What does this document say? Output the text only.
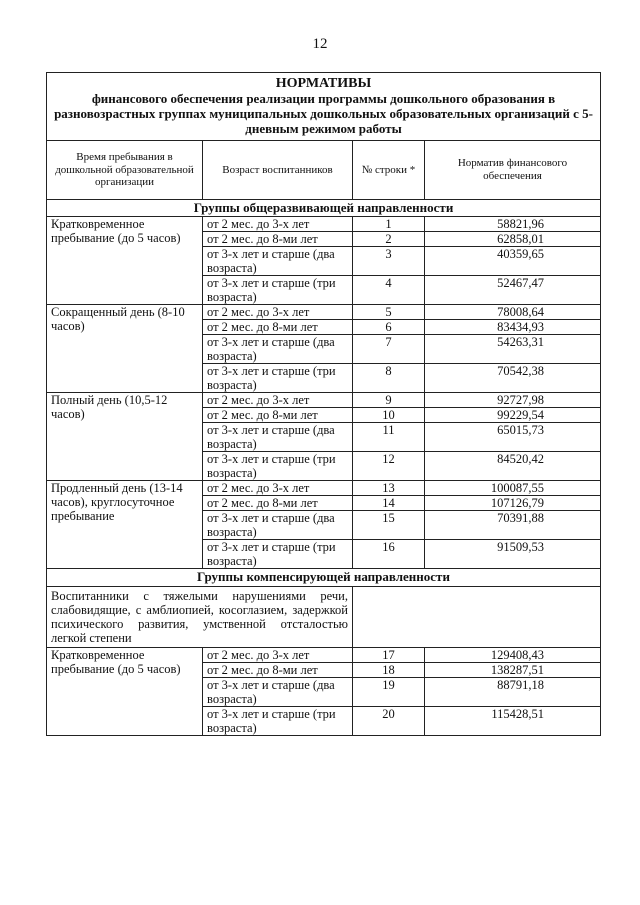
12
НОРМАТИВЫ
финансового обеспечения реализации программы дошкольного образования в разновозрастных группах муниципальных дошкольных образовательных организаций с 5-дневным режимом работы			

Время пребывания в дошкольной образовательной организации	Возраст воспитанников	№ строки *	Норматив финансового обеспечения
Группы общеразвивающей направленности			
Кратковременное пребывание (до 5 часов)	от 2 мес. до 3-х лет	1	58821,96
	от 2 мес. до 8-ми лет	2	62858,01
	от 3-х лет и старше (два возраста)	3	40359,65
	от 3-х лет и старше (три возраста)	4	52467,47
Сокращенный день (8-10 часов)	от 2 мес. до 3-х лет	5	78008,64
	от 2 мес. до 8-ми лет	6	83434,93
	от 3-х лет и старше (два возраста)	7	54263,31
	от 3-х лет и старше (три возраста)	8	70542,38
Полный день (10,5-12 часов)	от 2 мес. до 3-х лет	9	92727,98
	от 2 мес. до 8-ми лет	10	99229,54
	от 3-х лет и старше (два возраста)	11	65015,73
	от 3-х лет и старше (три возраста)	12	84520,42
Продленный день (13-14 часов), круглосуточное пребывание	от 2 мес. до 3-х лет	13	100087,55
	от 2 мес. до 8-ми лет	14	107126,79
	от 3-х лет и старше (два возраста)	15	70391,88
	от 3-х лет и старше (три возраста)	16	91509,53
Группы компенсирующей направленности			
Воспитанники с тяжелыми нарушениями речи, слабовидящие, с амблиопией, косоглазием, задержкой психического развития, умственной отсталостью легкой степени			
Кратковременное пребывание (до 5 часов)	от 2 мес. до 3-х лет	17	129408,43
	от 2 мес. до 8-ми лет	18	138287,51
	от 3-х лет и старше (два возраста)	19	88791,18
	от 3-х лет и старше (три возраста)	20	115428,51
